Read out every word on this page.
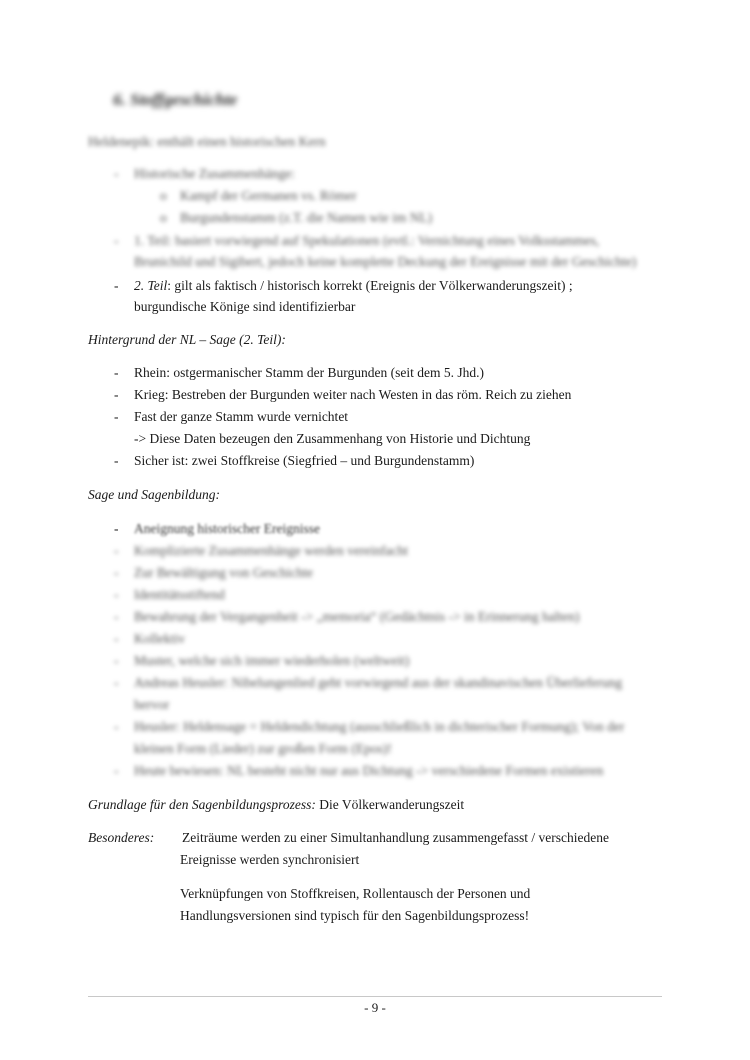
6. Stoffgeschichte
Heldenepik: enthält einen historischen Kern
- Historische Zusammenhänge:
o Kampf der Germanen vs. Römer
o Burgundenstamm (z.T. die Namen wie im NL)
- 1. Teil: basiert vorwiegend auf Spekulationen (evtl.: Vernichtung eines Volksstammes,
Brunichild und Sigibert, jedoch keine komplette Deckung der Ereignisse mit der Geschichte)
- 2. Teil: gilt als faktisch / historisch korrekt (Ereignis der Völkerwanderungszeit) ;
burgundische Könige sind identifizierbar
Hintergrund der NL – Sage (2. Teil):
- Rhein: ostgermanischer Stamm der Burgunden (seit dem 5. Jhd.)
- Krieg: Bestreben der Burgunden weiter nach Westen in das röm. Reich zu ziehen
- Fast der ganze Stamm wurde vernichtet
-> Diese Daten bezeugen den Zusammenhang von Historie und Dichtung
- Sicher ist: zwei Stoffkreise (Siegfried – und Burgundenstamm)
Sage und Sagenbildung:
- Aneignung historischer Ereignisse
- Komplizierte Zusammenhänge werden vereinfacht
- Zur Bewältigung von Geschichte
- Identitätsstiftend
- Bewahrung der Vergangenheit -> „memoria“ (Gedächtnis -> in Erinnerung halten)
- Kollektiv
- Muster, welche sich immer wiederholen (weltweit)
- Andreas Heusler: Nibelungenlied geht vorwiegend aus der skandinavischen Überlieferung
hervor
- Heusler: Heldensage = Heldendichtung (ausschließlich in dichterischer Formung); Von der
kleinen Form (Lieder) zur großen Form (Epos)!
- Heute bewiesen: NL besteht nicht nur aus Dichtung -> verschiedene Formen existieren
Grundlage für den Sagenbildungsprozess: Die Völkerwanderungszeit
Besonderes: Zeiträume werden zu einer Simultanhandlung zusammengefasst / verschiedene
Ereignisse werden synchronisiert
Verknüpfungen von Stoffkreisen, Rollentausch der Personen und
Handlungsversionen sind typisch für den Sagenbildungsprozess!
- 9 -
